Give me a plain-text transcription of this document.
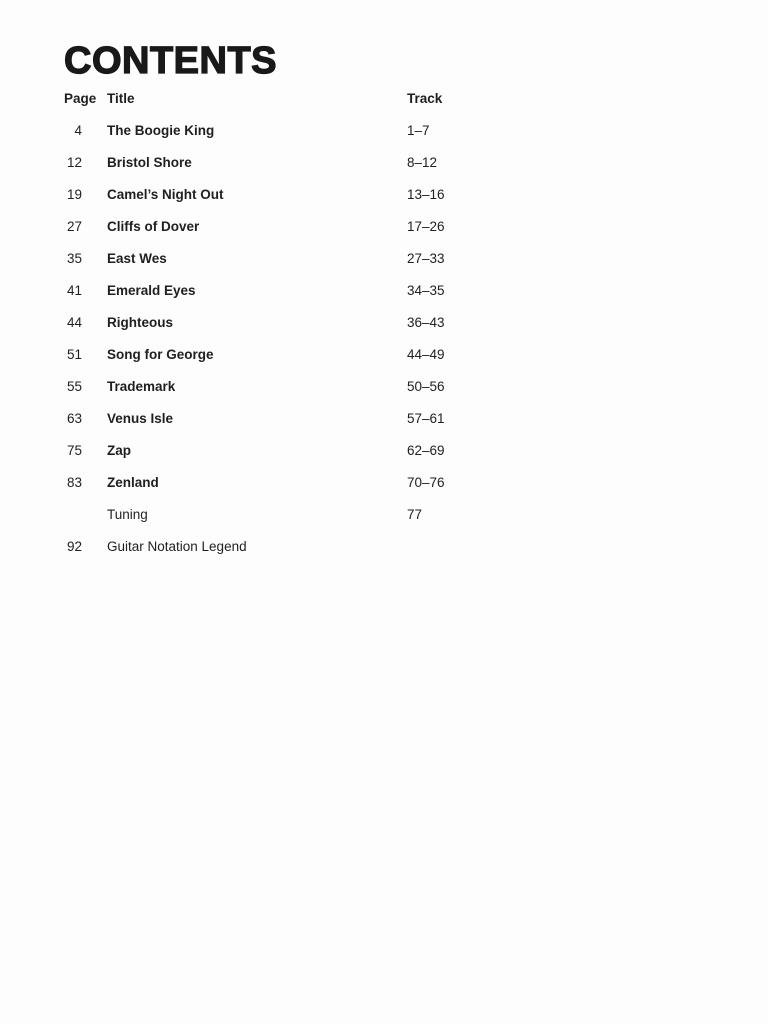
CONTENTS
Page Title	Track
4 The Boogie King	1–7
12 Bristol Shore	8–12
19 Camel’s Night Out	13–16
27 Cliffs of Dover	17–26
35 East Wes	27–33
41 Emerald Eyes	34–35
44 Righteous	36–43
51 Song for George	44–49
55 Trademark	50–56
63 Venus Isle	57–61
75 Zap	62–69
83 Zenland	70–76
Tuning	77
92 Guitar Notation Legend
